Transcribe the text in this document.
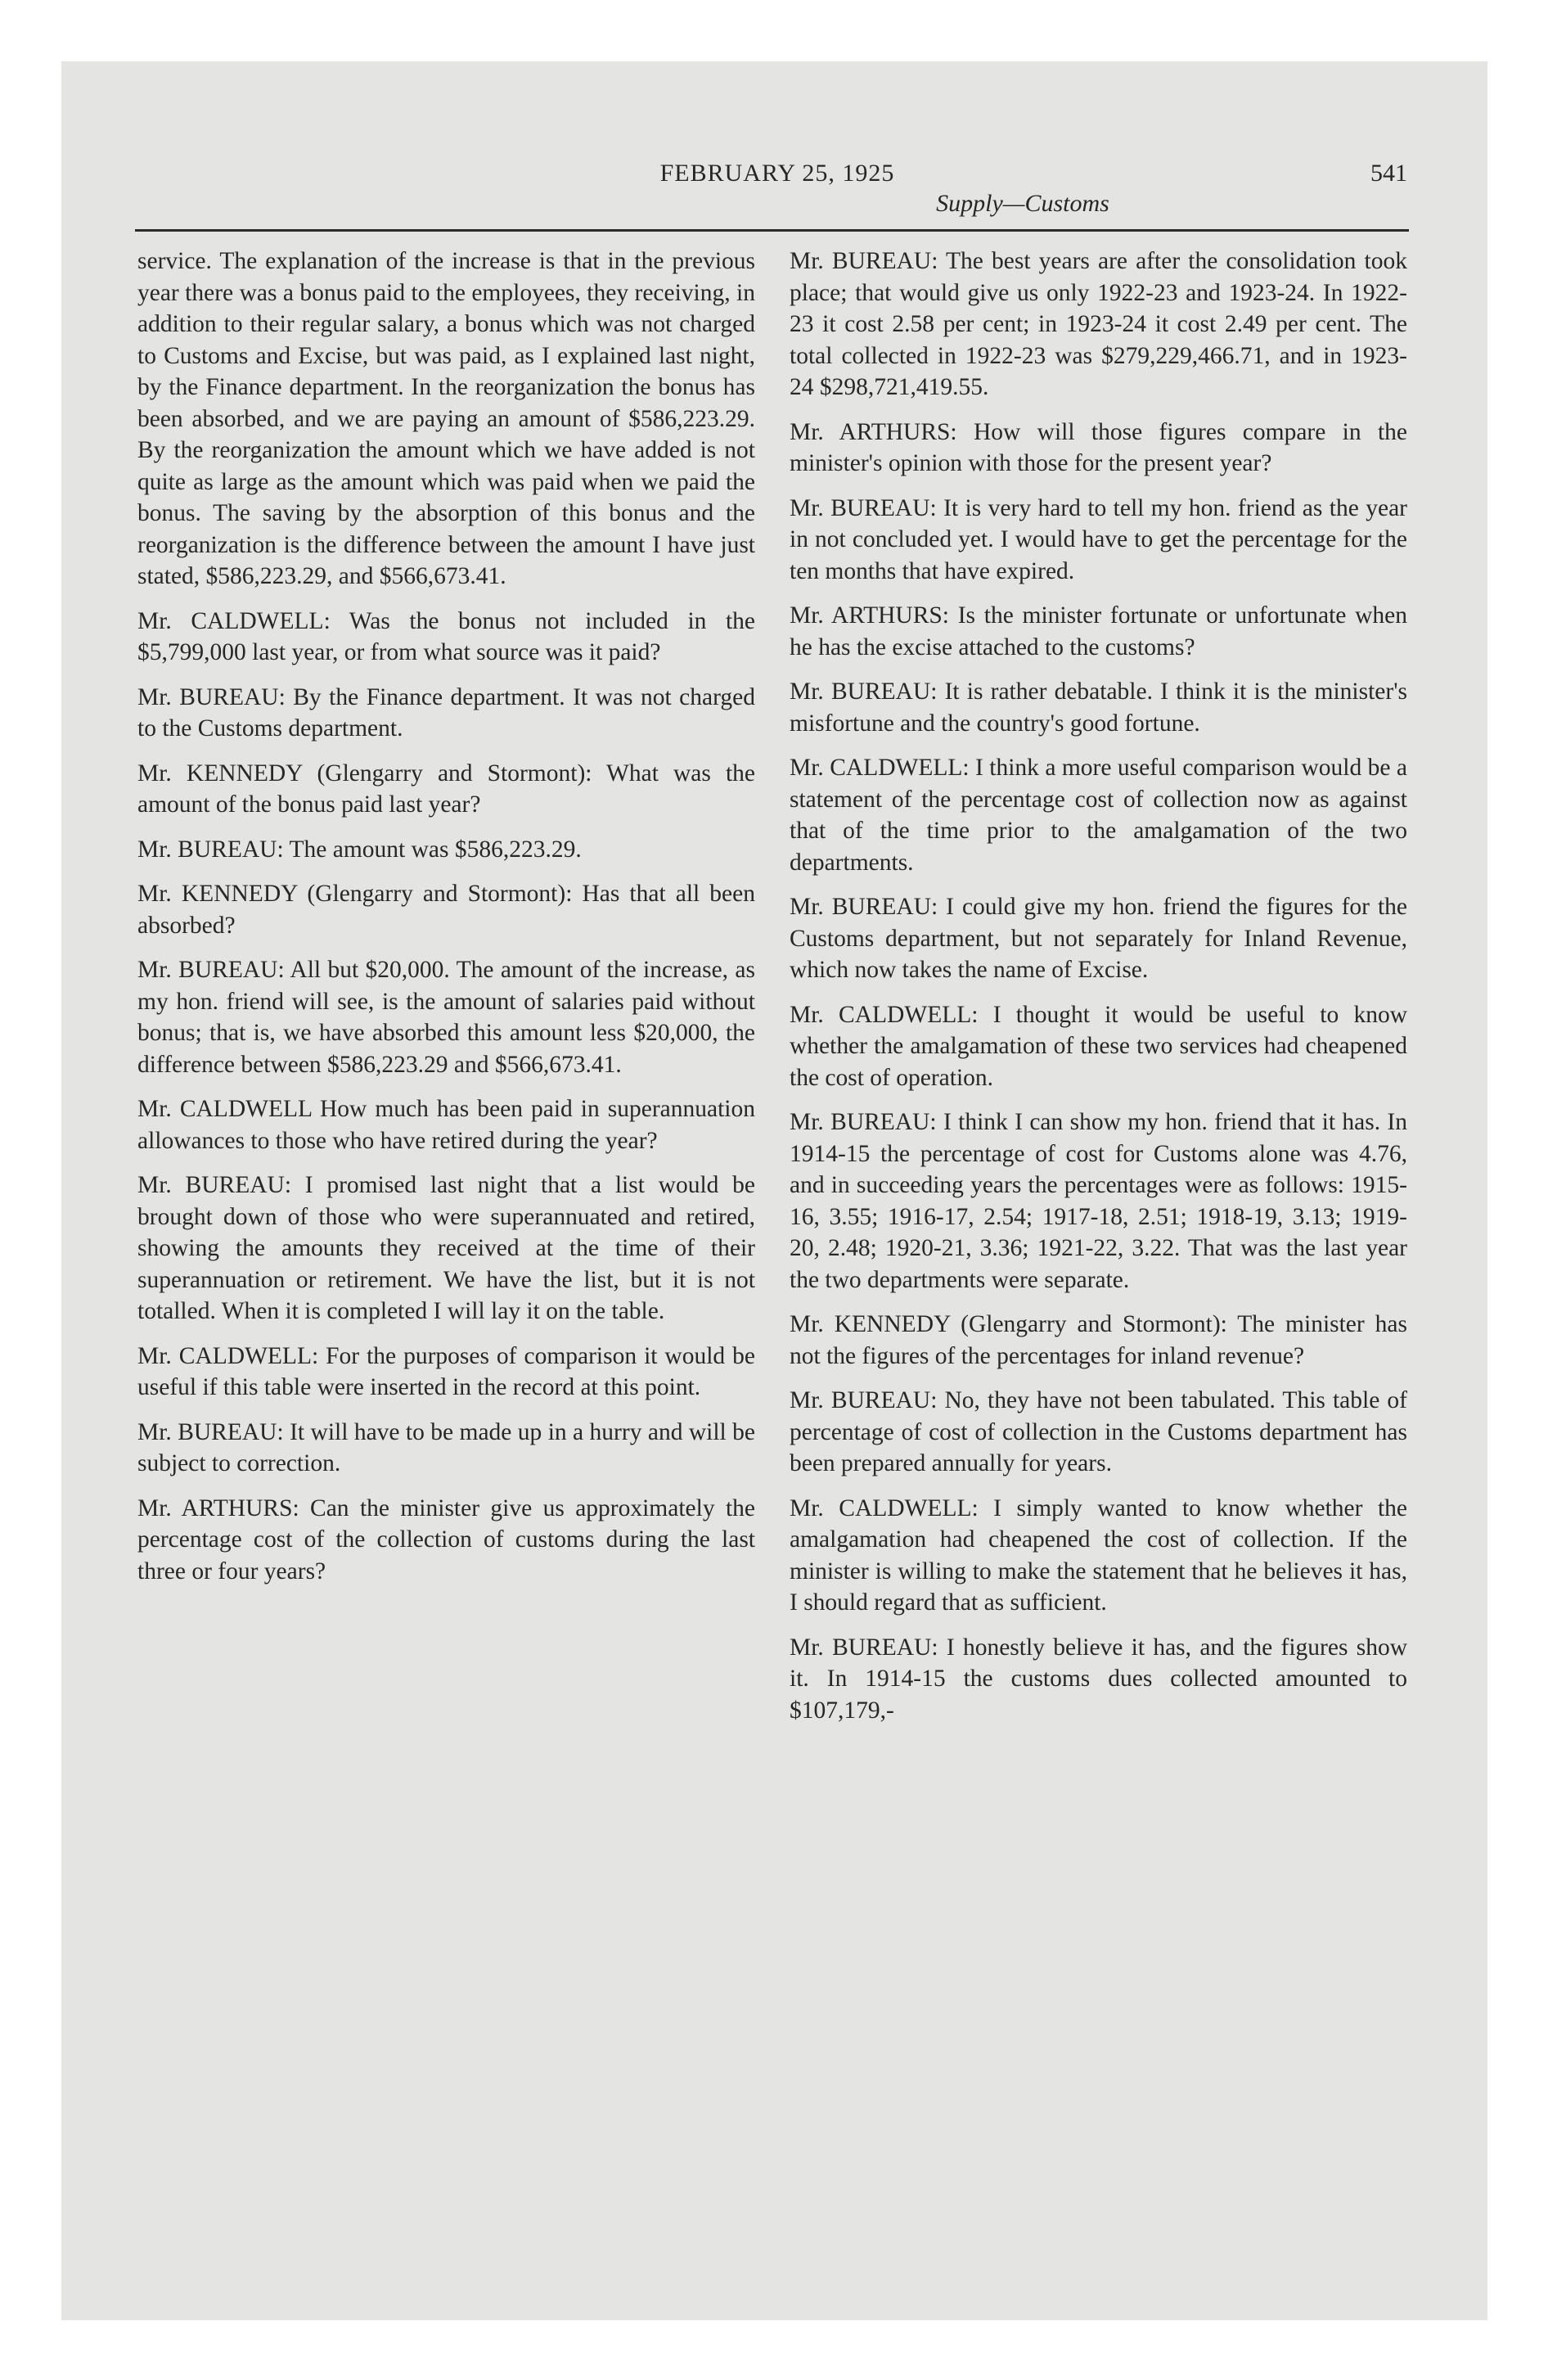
FEBRUARY 25, 1925	541
Supply—Customs

service. The explanation of the increase is that in the previous year there was a bonus paid to the employees, they receiving, in addition to their regular salary, a bonus which was not charged to Customs and Excise, but was paid, as I explained last night, by the Finance department. In the reorganization the bonus has been absorbed, and we are paying an amount of $586,223.29. By the reorganization the amount which we have added is not quite as large as the amount which was paid when we paid the bonus. The saving by the absorption of this bonus and the reorganization is the difference between the amount I have just stated, $586,223.29, and $566,673.41.

Mr. CALDWELL: Was the bonus not included in the $5,799,000 last year, or from what source was it paid?

Mr. BUREAU: By the Finance department. It was not charged to the Customs department.

Mr. KENNEDY (Glengarry and Stormont): What was the amount of the bonus paid last year?

Mr. BUREAU: The amount was $586,223.29.

Mr. KENNEDY (Glengarry and Stormont): Has that all been absorbed?

Mr. BUREAU: All but $20,000. The amount of the increase, as my hon. friend will see, is the amount of salaries paid without bonus; that is, we have absorbed this amount less $20,000, the difference between $586,223.29 and $566,673.41.

Mr. CALDWELL How much has been paid in superannuation allowances to those who have retired during the year?

Mr. BUREAU: I promised last night that a list would be brought down of those who were superannuated and retired, showing the amounts they received at the time of their superannuation or retirement. We have the list, but it is not totalled. When it is completed I will lay it on the table.

Mr. CALDWELL: For the purposes of comparison it would be useful if this table were inserted in the record at this point.

Mr. BUREAU: It will have to be made up in a hurry and will be subject to correction.

Mr. ARTHURS: Can the minister give us approximately the percentage cost of the collection of customs during the last three or four years?

Mr. BUREAU: The best years are after the consolidation took place; that would give us only 1922-23 and 1923-24. In 1922-23 it cost 2.58 per cent; in 1923-24 it cost 2.49 per cent. The total collected in 1922-23 was $279,229,466.71, and in 1923-24 $298,721,419.55.

Mr. ARTHURS: How will those figures compare in the minister's opinion with those for the present year?

Mr. BUREAU: It is very hard to tell my hon. friend as the year in not concluded yet. I would have to get the percentage for the ten months that have expired.

Mr. ARTHURS: Is the minister fortunate or unfortunate when he has the excise attached to the customs?

Mr. BUREAU: It is rather debatable. I think it is the minister's misfortune and the country's good fortune.

Mr. CALDWELL: I think a more useful comparison would be a statement of the percentage cost of collection now as against that of the time prior to the amalgamation of the two departments.

Mr. BUREAU: I could give my hon. friend the figures for the Customs department, but not separately for Inland Revenue, which now takes the name of Excise.

Mr. CALDWELL: I thought it would be useful to know whether the amalgamation of these two services had cheapened the cost of operation.

Mr. BUREAU: I think I can show my hon. friend that it has. In 1914-15 the percentage of cost for Customs alone was 4.76, and in succeeding years the percentages were as follows: 1915-16, 3.55; 1916-17, 2.54; 1917-18, 2.51; 1918-19, 3.13; 1919-20, 2.48; 1920-21, 3.36; 1921-22, 3.22. That was the last year the two departments were separate.

Mr. KENNEDY (Glengarry and Stormont): The minister has not the figures of the percentages for inland revenue?

Mr. BUREAU: No, they have not been tabulated. This table of percentage of cost of collection in the Customs department has been prepared annually for years.

Mr. CALDWELL: I simply wanted to know whether the amalgamation had cheapened the cost of collection. If the minister is willing to make the statement that he believes it has, I should regard that as sufficient.

Mr. BUREAU: I honestly believe it has, and the figures show it. In 1914-15 the customs dues collected amounted to $107,179,-
